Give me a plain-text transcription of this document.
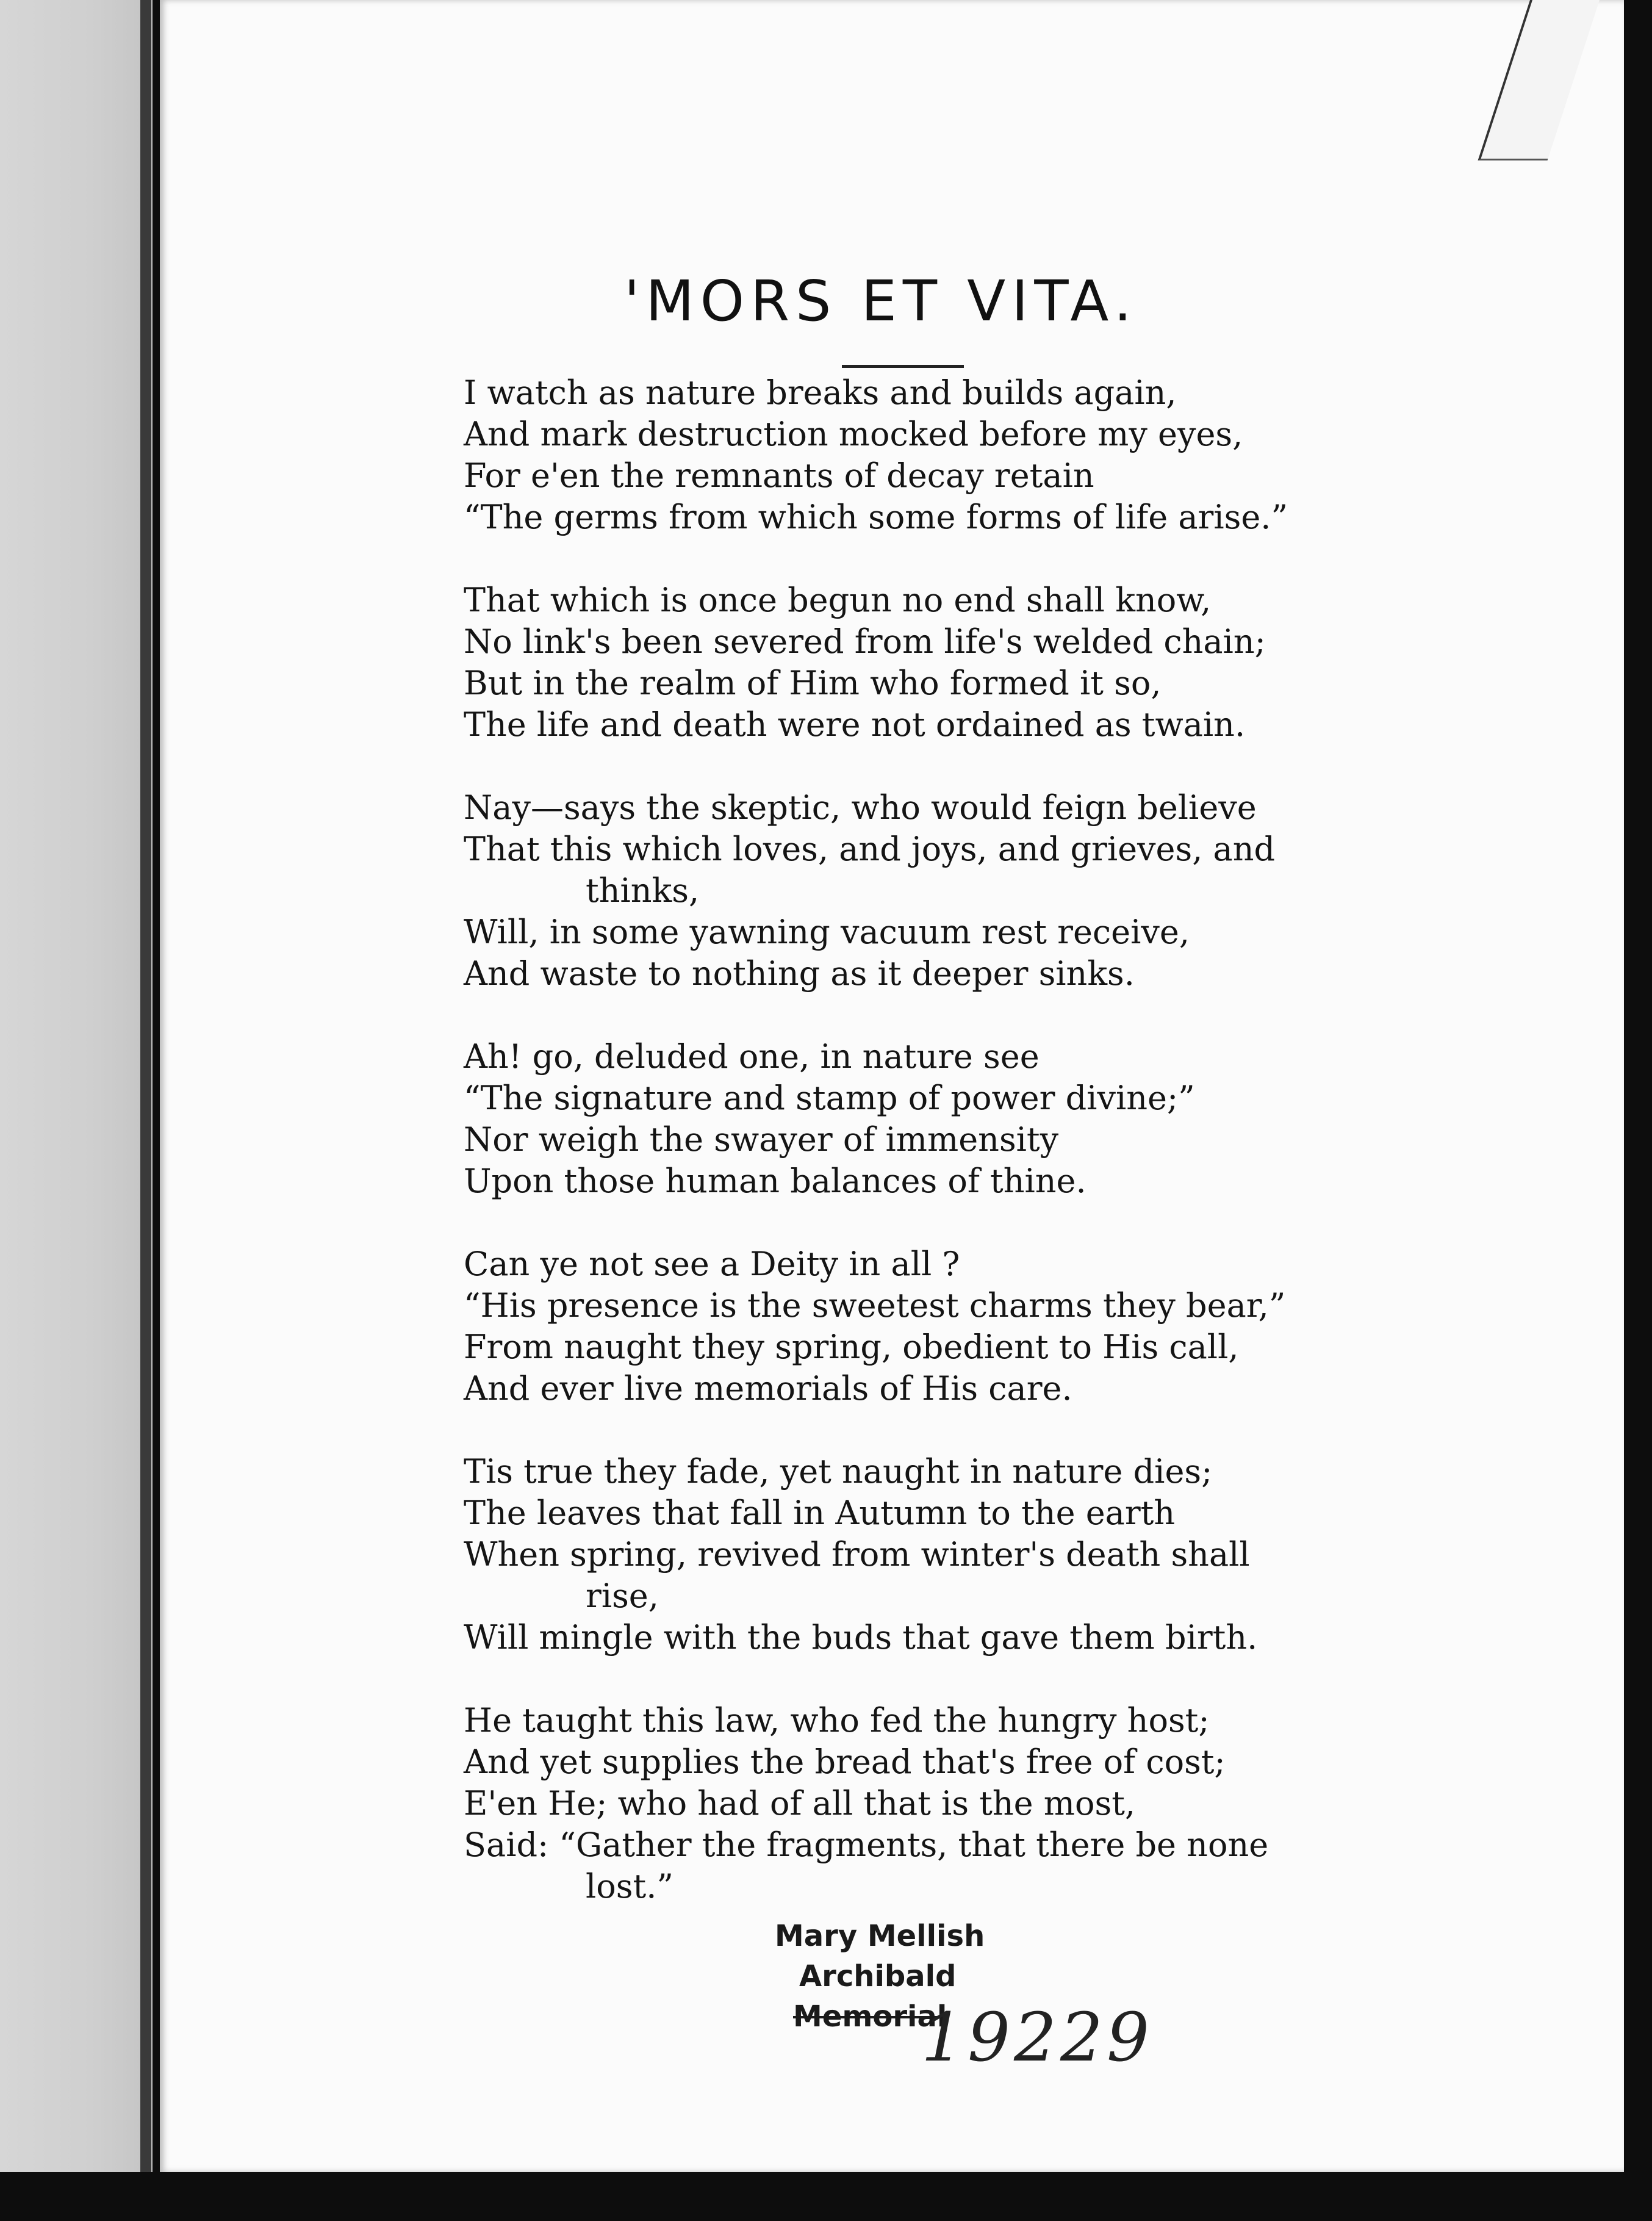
'MORS ET VITA.
I watch as nature breaks and builds again,
And mark destruction mocked before my eyes,
For e'en the remnants of decay retain
“The germs from which some forms of life arise.”
That which is once begun no end shall know,
No link's been severed from life's welded chain;
But in the realm of Him who formed it so,
The life and death were not ordained as twain.
Nay—says the skeptic, who would feign believe
That this which loves, and joys, and grieves, and
thinks,
Will, in some yawning vacuum rest receive,
And waste to nothing as it deeper sinks.
Ah! go, deluded one, in nature see
“The signature and stamp of power divine;”
Nor weigh the swayer of immensity
Upon those human balances of thine.
Can ye not see a Deity in all ?
“His presence is the sweetest charms they bear,”
From naught they spring, obedient to His call,
And ever live memorials of His care.
Tis true they fade, yet naught in nature dies;
The leaves that fall in Autumn to the earth
When spring, revived from winter's death shall
rise,
Will mingle with the buds that gave them birth.
He taught this law, who fed the hungry host;
And yet supplies the bread that's free of cost;
E'en He; who had of all that is the most,
Said: “Gather the fragments, that there be none
lost.”
Mary Mellish
Archibald
Memorial
19229
